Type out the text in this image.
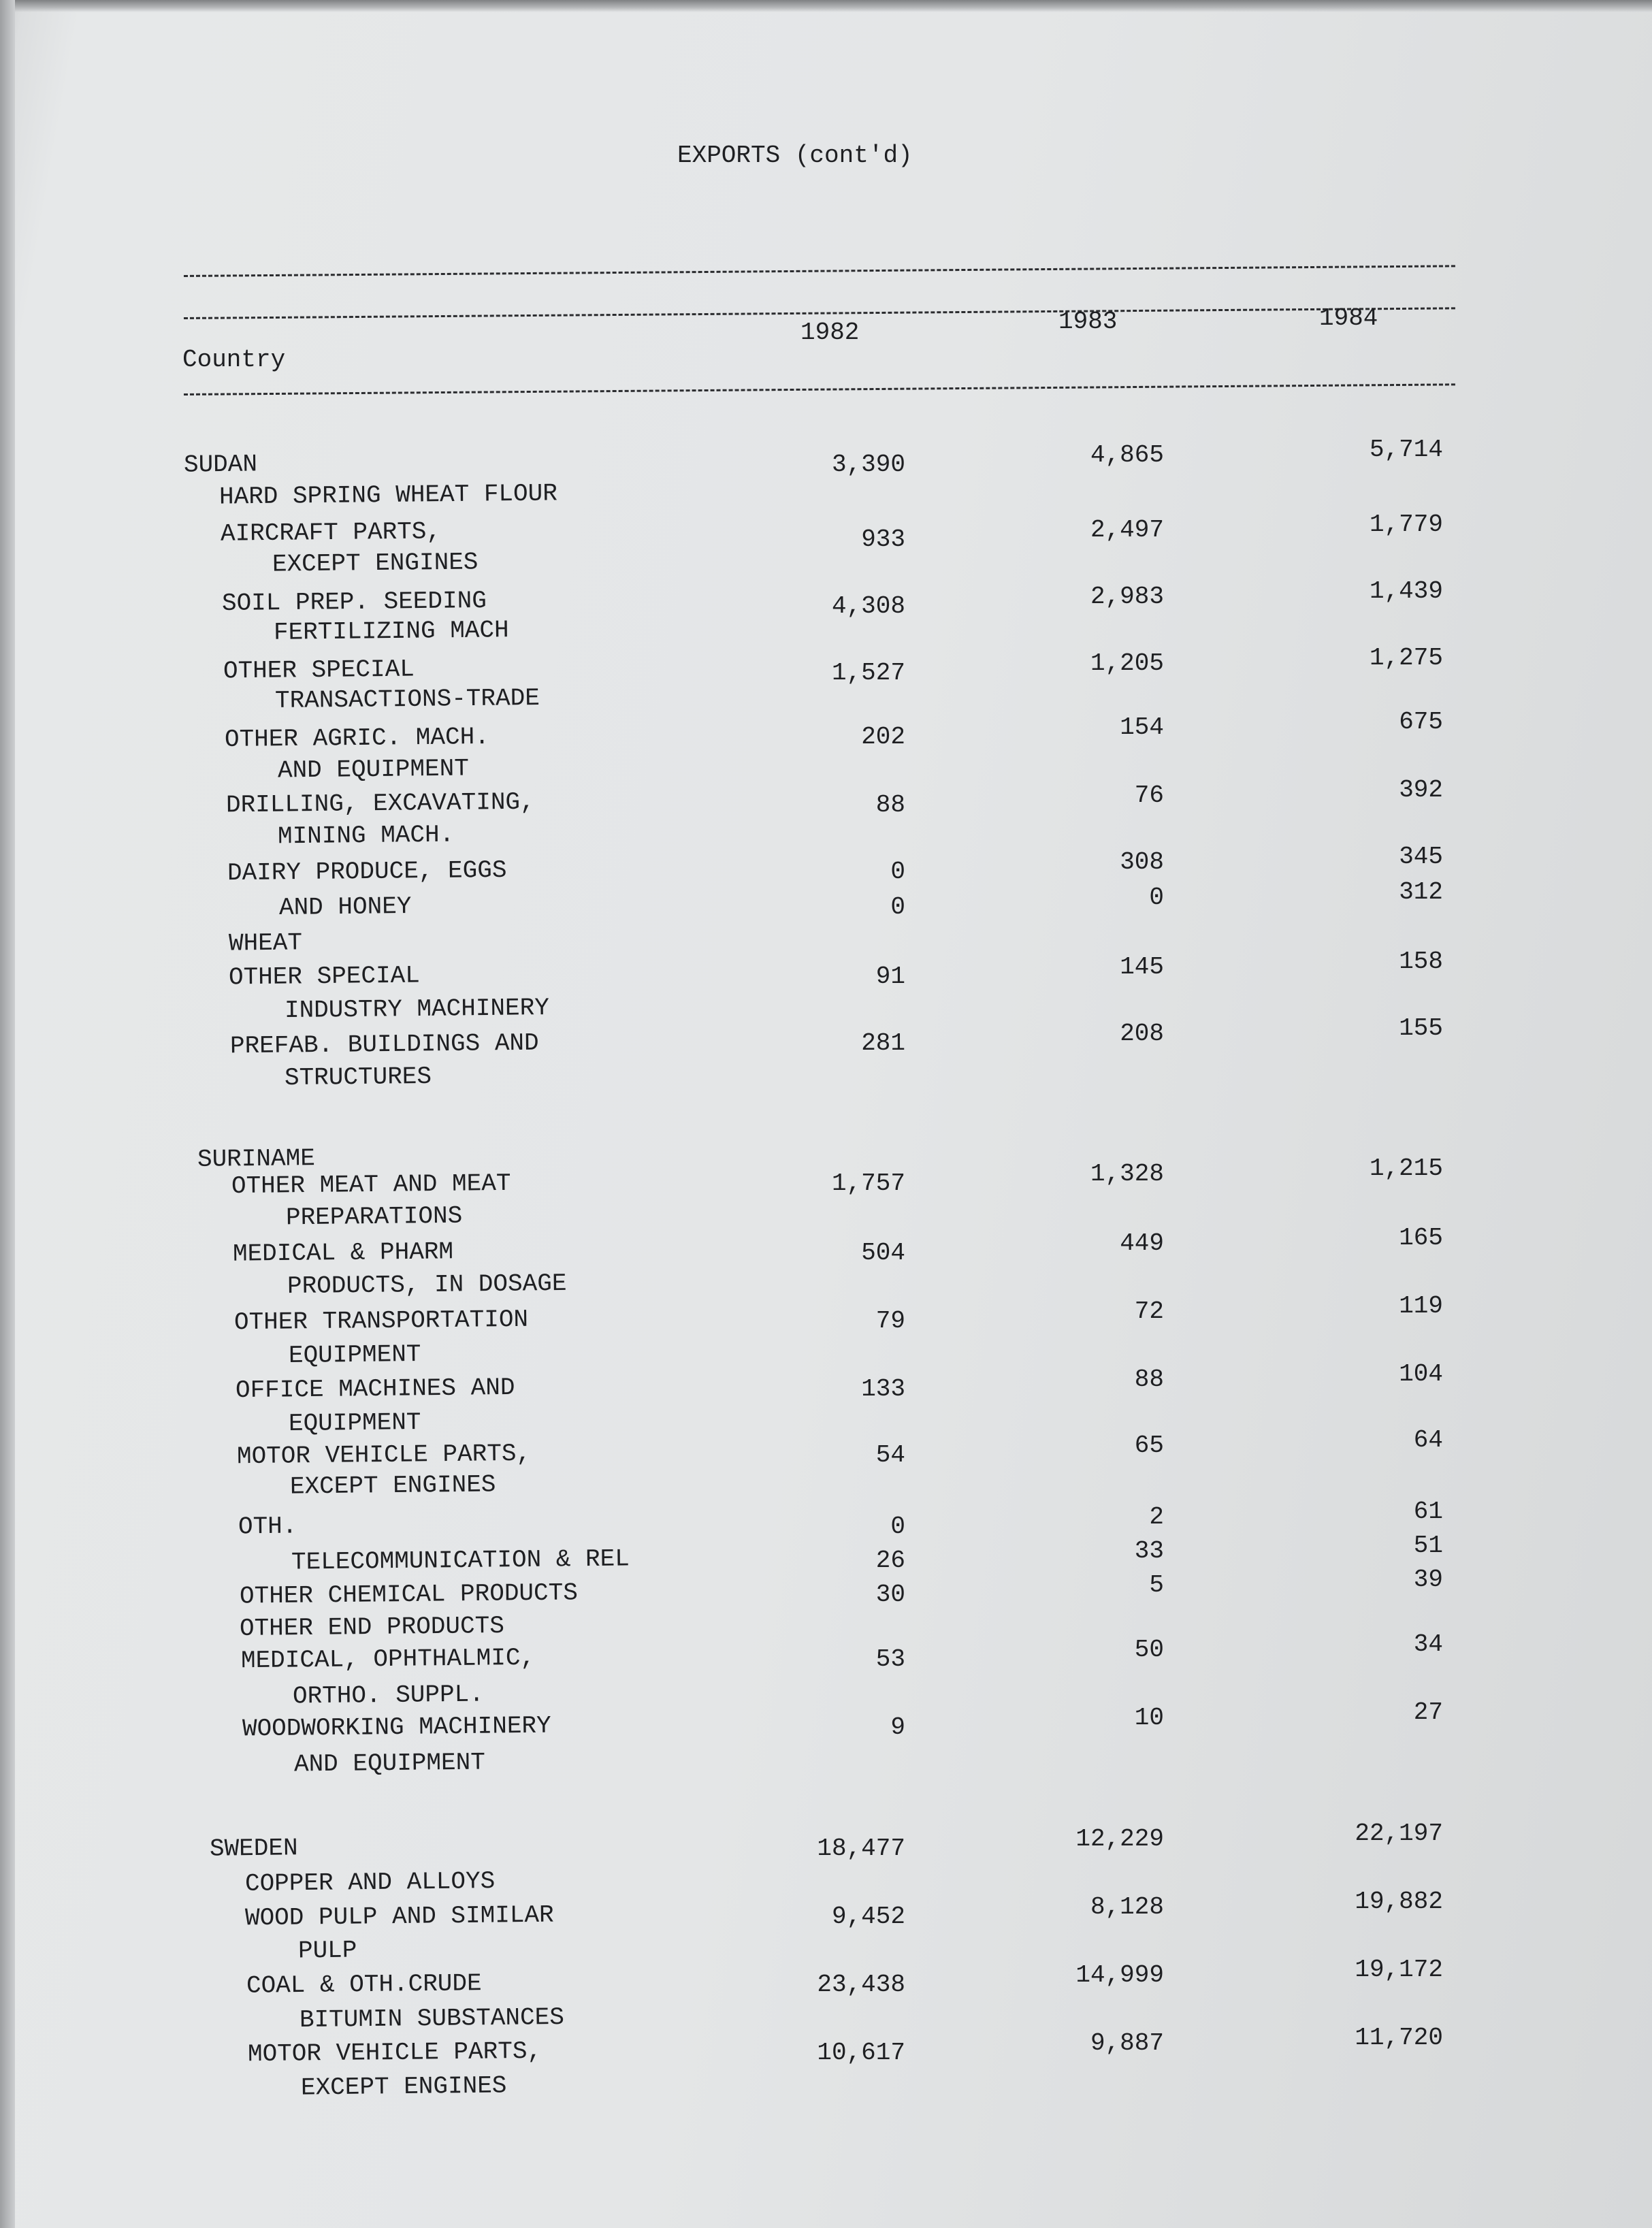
EXPORTS (cont'd)
Country
1982	1983	1984
SUDAN	3,390	4,865	5,714
HARD SPRING WHEAT FLOUR
AIRCRAFT PARTS,	933	2,497	1,779
EXCEPT ENGINES
SOIL PREP. SEEDING	4,308	2,983	1,439
FERTILIZING MACH
OTHER SPECIAL	1,527	1,205	1,275
TRANSACTIONS-TRADE
OTHER AGRIC. MACH.	202	154	675
AND EQUIPMENT
DRILLING, EXCAVATING,	88	76	392
MINING MACH.
DAIRY PRODUCE, EGGS	0	308	345
AND HONEY	0	0	312
WHEAT
OTHER SPECIAL	91	145	158
INDUSTRY MACHINERY
PREFAB. BUILDINGS AND	281	208	155
STRUCTURES
SURINAME
OTHER MEAT AND MEAT	1,757	1,328	1,215
PREPARATIONS
MEDICAL & PHARM	504	449	165
PRODUCTS, IN DOSAGE
OTHER TRANSPORTATION	79	72	119
EQUIPMENT
OFFICE MACHINES AND	133	88	104
EQUIPMENT
MOTOR VEHICLE PARTS,	54	65	64
EXCEPT ENGINES
OTH.	0	2	61
TELECOMMUNICATION & REL	26	33	51
OTHER CHEMICAL PRODUCTS	30	5	39
OTHER END PRODUCTS
MEDICAL, OPHTHALMIC,	53	50	34
ORTHO. SUPPL.
WOODWORKING MACHINERY	9	10	27
AND EQUIPMENT
SWEDEN	18,477	12,229	22,197
COPPER AND ALLOYS
WOOD PULP AND SIMILAR	9,452	8,128	19,882
PULP
COAL & OTH.CRUDE	23,438	14,999	19,172
BITUMIN SUBSTANCES
MOTOR VEHICLE PARTS,	10,617	9,887	11,720
EXCEPT ENGINES
